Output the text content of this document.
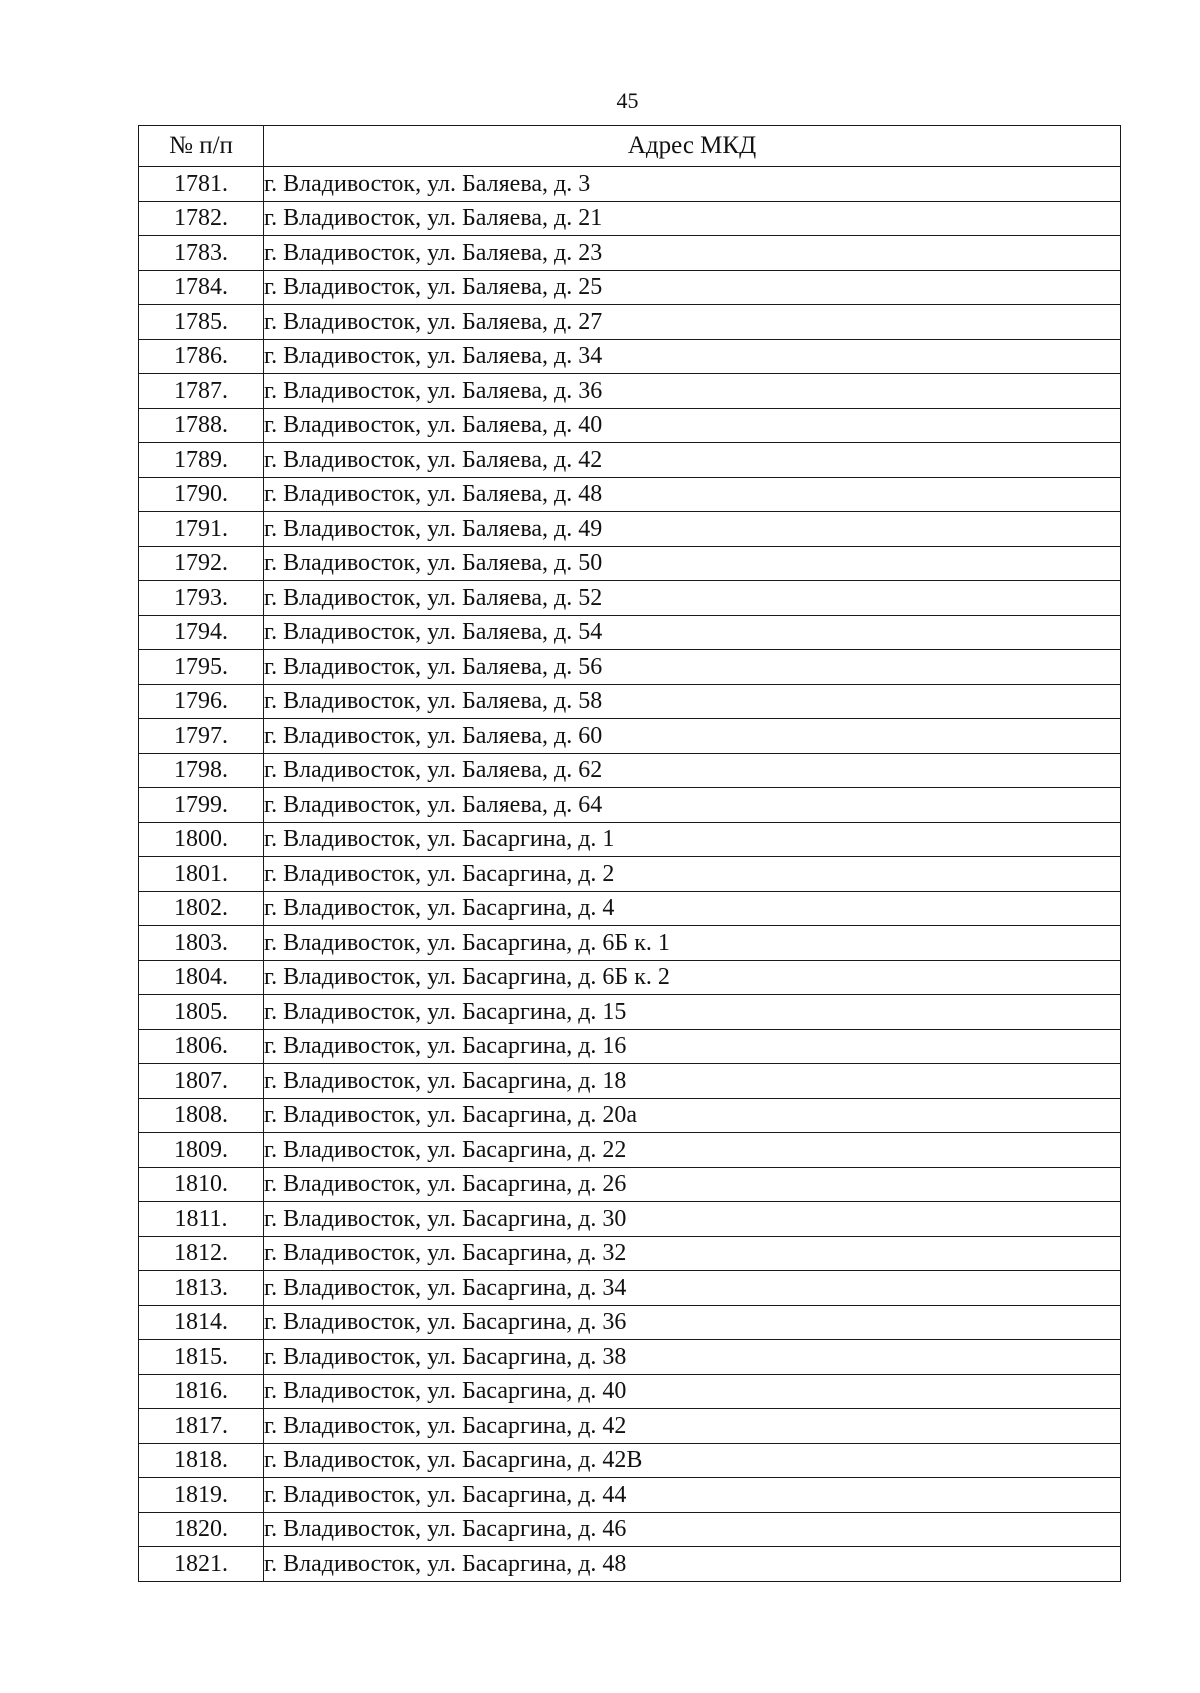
45
№ п/п	Адрес МКД
1781.	г. Владивосток, ул. Баляева, д. 3
1782.	г. Владивосток, ул. Баляева, д. 21
1783.	г. Владивосток, ул. Баляева, д. 23
1784.	г. Владивосток, ул. Баляева, д. 25
1785.	г. Владивосток, ул. Баляева, д. 27
1786.	г. Владивосток, ул. Баляева, д. 34
1787.	г. Владивосток, ул. Баляева, д. 36
1788.	г. Владивосток, ул. Баляева, д. 40
1789.	г. Владивосток, ул. Баляева, д. 42
1790.	г. Владивосток, ул. Баляева, д. 48
1791.	г. Владивосток, ул. Баляева, д. 49
1792.	г. Владивосток, ул. Баляева, д. 50
1793.	г. Владивосток, ул. Баляева, д. 52
1794.	г. Владивосток, ул. Баляева, д. 54
1795.	г. Владивосток, ул. Баляева, д. 56
1796.	г. Владивосток, ул. Баляева, д. 58
1797.	г. Владивосток, ул. Баляева, д. 60
1798.	г. Владивосток, ул. Баляева, д. 62
1799.	г. Владивосток, ул. Баляева, д. 64
1800.	г. Владивосток, ул. Басаргина, д. 1
1801.	г. Владивосток, ул. Басаргина, д. 2
1802.	г. Владивосток, ул. Басаргина, д. 4
1803.	г. Владивосток, ул. Басаргина, д. 6Б к. 1
1804.	г. Владивосток, ул. Басаргина, д. 6Б к. 2
1805.	г. Владивосток, ул. Басаргина, д. 15
1806.	г. Владивосток, ул. Басаргина, д. 16
1807.	г. Владивосток, ул. Басаргина, д. 18
1808.	г. Владивосток, ул. Басаргина, д. 20а
1809.	г. Владивосток, ул. Басаргина, д. 22
1810.	г. Владивосток, ул. Басаргина, д. 26
1811.	г. Владивосток, ул. Басаргина, д. 30
1812.	г. Владивосток, ул. Басаргина, д. 32
1813.	г. Владивосток, ул. Басаргина, д. 34
1814.	г. Владивосток, ул. Басаргина, д. 36
1815.	г. Владивосток, ул. Басаргина, д. 38
1816.	г. Владивосток, ул. Басаргина, д. 40
1817.	г. Владивосток, ул. Басаргина, д. 42
1818.	г. Владивосток, ул. Басаргина, д. 42В
1819.	г. Владивосток, ул. Басаргина, д. 44
1820.	г. Владивосток, ул. Басаргина, д. 46
1821.	г. Владивосток, ул. Басаргина, д. 48
